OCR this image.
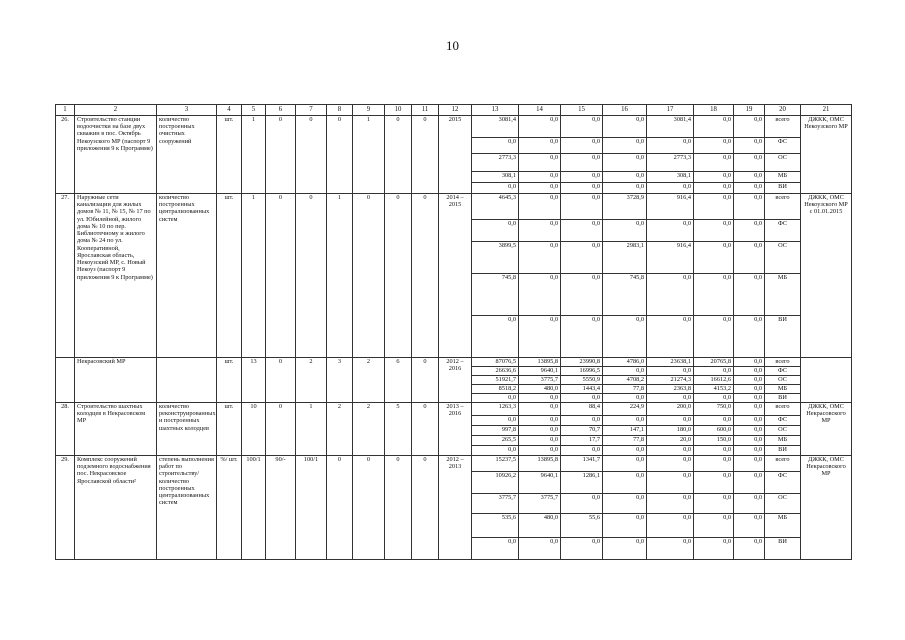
10
1	2	3	4	5	6	7	8	9	10	11	12	13	14	15	16	17	18	19	20	21
26.	Строительство станции водоочистки на базе двух скважин в пос. Октябрь Некоузского МР (паспорт 9 приложения 9 к Программе)	количество построенных очистных сооружений	шт.	1	0	0	0	1	0	0	2015	3081,4	0,0	0,0	0,0	3081,4	0,0	0,0	всего	ДЖКК, ОМС Некоузского МР
												0,0	0,0	0,0	0,0	0,0	0,0	0,0	ФС	
												2773,3	0,0	0,0	0,0	2773,3	0,0	0,0	ОС	
												308,1	0,0	0,0	0,0	308,1	0,0	0,0	МБ	
												0,0	0,0	0,0	0,0	0,0	0,0	0,0	ВИ	
27.	Наружные сети канализации для жилых домов № 11, № 15, № 17 по ул. Юбилейной, жилого дома № 10 по пер. Библиотечному и жилого дома № 24 по ул. Кооперативной, Ярославская область, Некоузский МР, с. Новый Некоуз (паспорт 9 приложения 9 к Программе)	количество построенных централизованных систем	шт.	1	0	0	1	0	0	0	2014 – 2015	4645,3	0,0	0,0	3728,9	916,4	0,0	0,0	всего	ДЖКК, ОМС Некоузского МР с 01.01.2015
												0,0	0,0	0,0	0,0	0,0	0,0	0,0	ФС	
												3899,5	0,0	0,0	2983,1	916,4	0,0	0,0	ОС	
												745,8	0,0	0,0	745,8	0,0	0,0	0,0	МБ	
												0,0	0,0	0,0	0,0	0,0	0,0	0,0	ВИ	
	Некрасовский МР		шт.	13	0	2	3	2	6	0	2012 – 2016	87076,5	13895,8	23990,8	4786,0	23638,1	20765,8	0,0	всего	
												26636,6	9640,1	16996,5	0,0	0,0	0,0	0,0	ФС	
												51921,7	3775,7	5550,9	4708,2	21274,3	16612,6	0,0	ОС	
												8518,2	480,0	1443,4	77,8	2363,8	4153,2	0,0	МБ	
												0,0	0,0	0,0	0,0	0,0	0,0	0,0	ВИ	
28.	Строительство шахтных колодцев в Некрасовском МР	количество реконструированных и построенных шахтных колодцев	шт.	10	0	1	2	2	5	0	2013 – 2016	1263,3	0,0	88,4	224,9	200,0	750,0	0,0	всего	ДЖКК, ОМС Некрасовского МР
												0,0	0,0	0,0	0,0	0,0	0,0	0,0	ФС	
												997,8	0,0	70,7	147,1	180,0	600,0	0,0	ОС	
												265,5	0,0	17,7	77,8	20,0	150,0	0,0	МБ	
												0,0	0,0	0,0	0,0	0,0	0,0	0,0	ВИ	
29.	Комплекс сооружений подземного водоснабжения пос. Некрасовское Ярославской области²	степень выполнения работ по строительству/ количество построенных централизованных систем	%/ шт.	100/1	90/-	100/1	0	0	0	0	2012 – 2013	15237,5	13895,8	1341,7	0,0	0,0	0,0	0,0	всего	ДЖКК, ОМС Некрасовского МР
												10926,2	9640,1	1286,1	0,0	0,0	0,0	0,0	ФС	
												3775,7	3775,7	0,0	0,0	0,0	0,0	0,0	ОС	
												535,6	480,0	55,6	0,0	0,0	0,0	0,0	МБ	
												0,0	0,0	0,0	0,0	0,0	0,0	0,0	ВИ	
